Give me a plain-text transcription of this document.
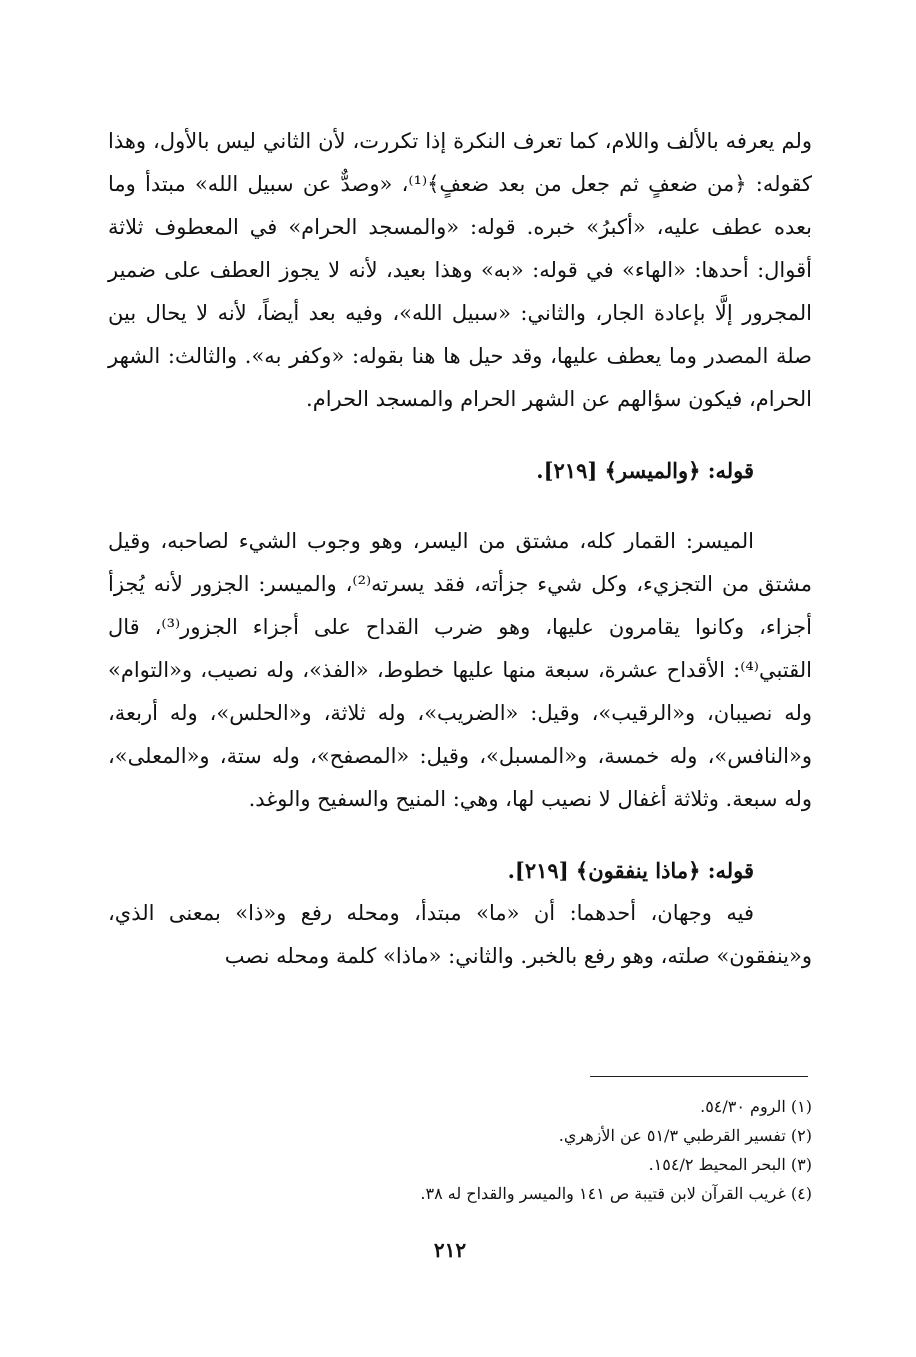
ولم يعرفه بالألف واللام، كما تعرف النكرة إذا تكررت، لأن الثاني ليس بالأول، وهذا كقوله: ﴿من ضعفٍ ثم جعل من بعد ضعفٍ﴾⁽¹⁾، «وصدٌّ عن سبيل الله» مبتدأ وما بعده عطف عليه، «أكبرُ» خبره. قوله: «والمسجد الحرام» في المعطوف ثلاثة أقوال: أحدها: «الهاء» في قوله: «به» وهذا بعيد، لأنه لا يجوز العطف على ضمير المجرور إلَّا بإعادة الجار، والثاني: «سبيل الله»، وفيه بعد أيضاً، لأنه لا يحال بين صلة المصدر وما يعطف عليها، وقد حيل ها هنا بقوله: «وكفر به». والثالث: الشهر الحرام، فيكون سؤالهم عن الشهر الحرام والمسجد الحرام.

قوله: ﴿والميسر﴾ [٢١٩].

الميسر: القمار كله، مشتق من اليسر، وهو وجوب الشيء لصاحبه، وقيل مشتق من التجزيء، وكل شيء جزأته، فقد يسرته⁽²⁾، والميسر: الجزور لأنه يُجزأ أجزاء، وكانوا يقامرون عليها، وهو ضرب القداح على أجزاء الجزور⁽³⁾، قال القتبي⁽⁴⁾: الأقداح عشرة، سبعة منها عليها خطوط، «الفذ»، وله نصيب، و«التوام» وله نصيبان، و«الرقيب»، وقيل: «الضريب»، وله ثلاثة، و«الحلس»، وله أربعة، و«النافس»، وله خمسة، و«المسبل»، وقيل: «المصفح»، وله ستة، و«المعلى»، وله سبعة. وثلاثة أغفال لا نصيب لها، وهي: المنيح والسفيح والوغد.

قوله: ﴿ماذا ينفقون﴾ [٢١٩].

فيه وجهان، أحدهما: أن «ما» مبتدأ، ومحله رفع و«ذا» بمعنى الذي، و«ينفقون» صلته، وهو رفع بالخبر. والثاني: «ماذا» كلمة ومحله نصب

(١) الروم ٥٤/٣٠.

(٢) تفسير القرطبي ٥١/٣ عن الأزهري.

(٣) البحر المحيط ١٥٤/٢.

(٤) غريب القرآن لابن قتيبة ص ١٤١ والميسر والقداح له ٣٨.

٢١٢
